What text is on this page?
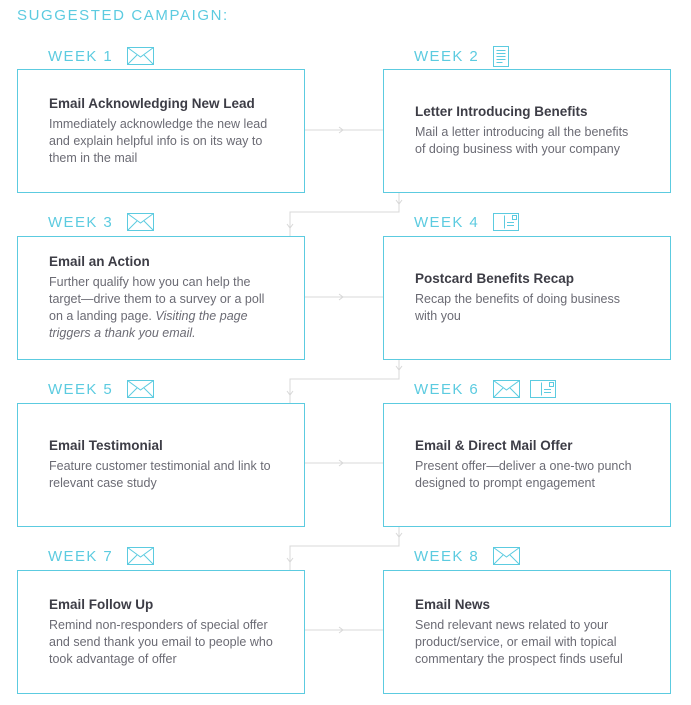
SUGGESTED CAMPAIGN:
WEEK 1
Email Acknowledging New Lead
Immediately acknowledge the new lead and explain helpful info is on its way to them in the mail
WEEK 2
Letter Introducing Benefits
Mail a letter introducing all the benefits of doing business with your company
WEEK 3
Email an Action
Further qualify how you can help the target—drive them to a survey or a poll on a landing page. Visiting the page triggers a thank you email.
WEEK 4
Postcard Benefits Recap
Recap the benefits of doing business with you
WEEK 5
Email Testimonial
Feature customer testimonial and link to relevant case study
WEEK 6
Email & Direct Mail Offer
Present offer—deliver a one-two punch designed to prompt engagement
WEEK 7
Email Follow Up
Remind non-responders of special offer and send thank you email to people who took advantage of offer
WEEK 8
Email News
Send relevant news related to your product/service, or email with topical commentary the prospect finds useful
